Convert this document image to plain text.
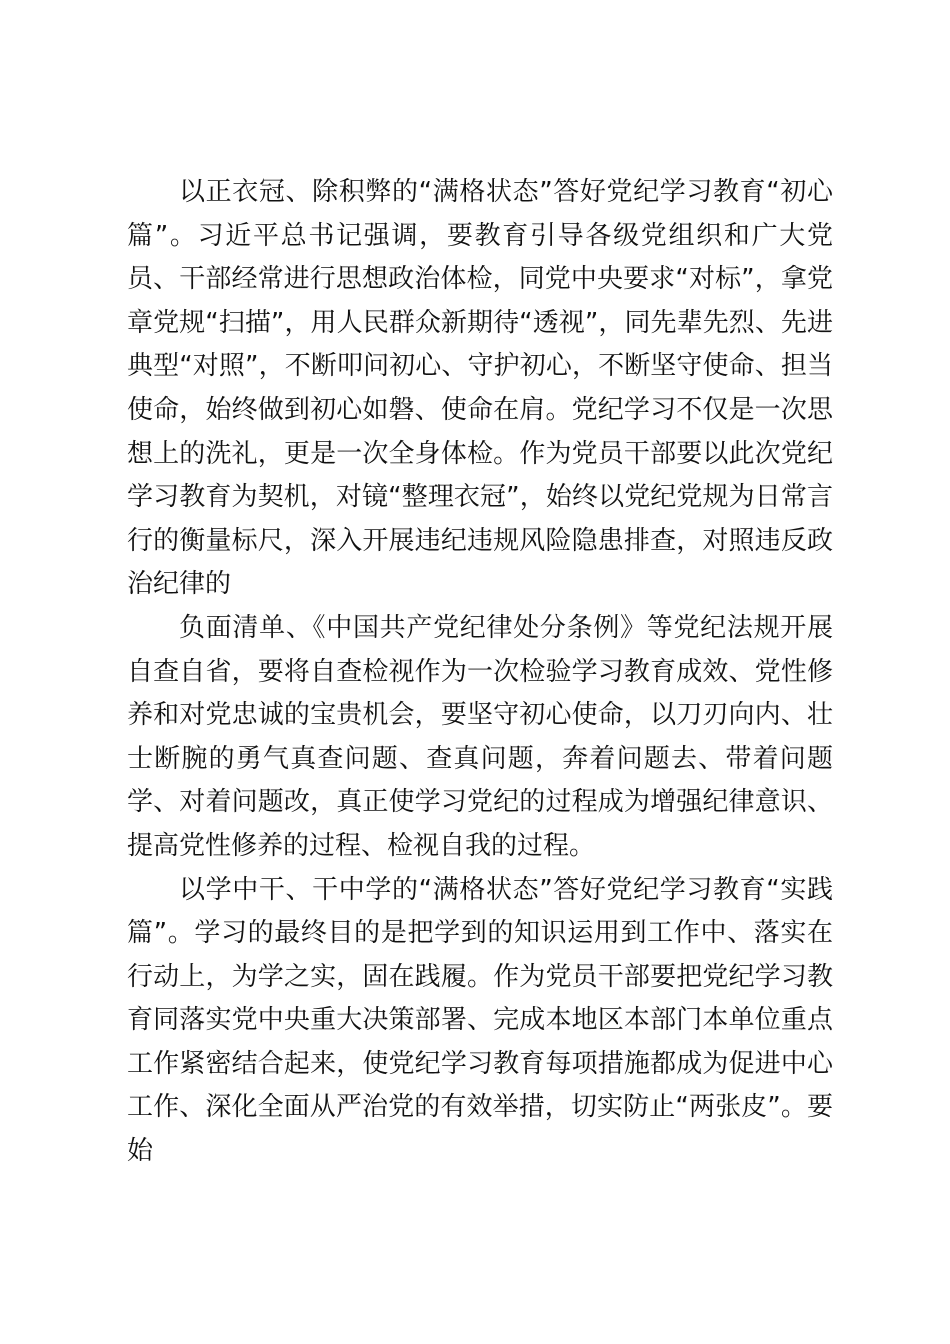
以正衣冠、除积弊的“满格状态”答好党纪学习教育“初心篇”。习近平总书记强调，要教育引导各级党组织和广大党员、干部经常进行思想政治体检，同党中央要求“对标”，拿党章党规“扫描”，用人民群众新期待“透视”，同先辈先烈、先进典型“对照”，不断叩问初心、守护初心，不断坚守使命、担当使命，始终做到初心如磐、使命在肩。党纪学习不仅是一次思想上的洗礼，更是一次全身体检。作为党员干部要以此次党纪学习教育为契机，对镜“整理衣冠”，始终以党纪党规为日常言行的衡量标尺，深入开展违纪违规风险隐患排查，对照违反政治纪律的

负面清单、《中国共产党纪律处分条例》等党纪法规开展自查自省，要将自查检视作为一次检验学习教育成效、党性修养和对党忠诚的宝贵机会，要坚守初心使命，以刀刃向内、壮士断腕的勇气真查问题、查真问题，奔着问题去、带着问题学、对着问题改，真正使学习党纪的过程成为增强纪律意识、提高党性修养的过程、检视自我的过程。

以学中干、干中学的“满格状态”答好党纪学习教育“实践篇”。学习的最终目的是把学到的知识运用到工作中、落实在行动上，为学之实，固在践履。作为党员干部要把党纪学习教育同落实党中央重大决策部署、完成本地区本部门本单位重点工作紧密结合起来，使党纪学习教育每项措施都成为促进中心工作、深化全面从严治党的有效举措，切实防止“两张皮”。要始
